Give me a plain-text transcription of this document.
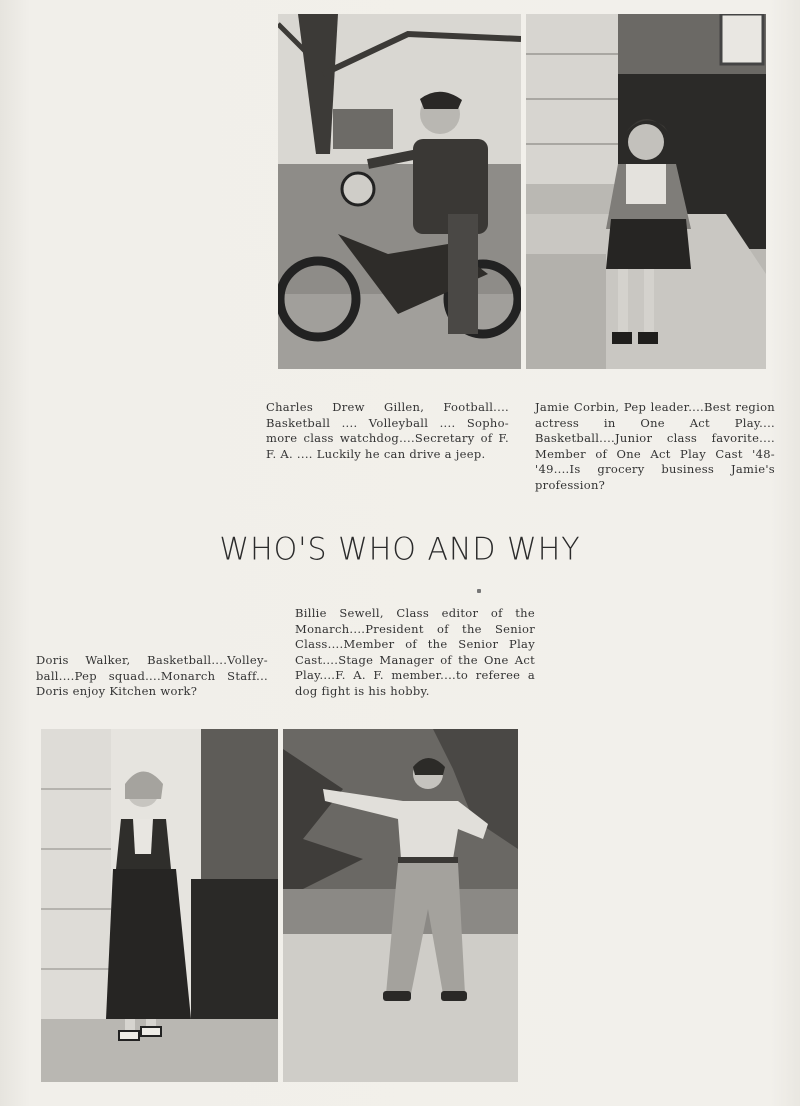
Charles Drew Gillen, Football.... Basketball .... Volleyball .... Sopho-more class watchdog....Secretary of F. F. A. .... Luckily he can drive a jeep.
Jamie Corbin, Pep leader....Best region actress in One Act Play.... Basketball....Junior class favorite.... Member of One Act Play Cast '48-'49....Is grocery business Jamie's profession?
WHO'S WHO AND WHY
Billie Sewell, Class editor of the Monarch....President of the Senior Class....Member of the Senior Play Cast....Stage Manager of the One Act Play....F. A. F. member....to referee a dog fight is his hobby.
Doris Walker, Basketball....Volley-ball....Pep squad....Monarch Staff... Doris enjoy Kitchen work?
